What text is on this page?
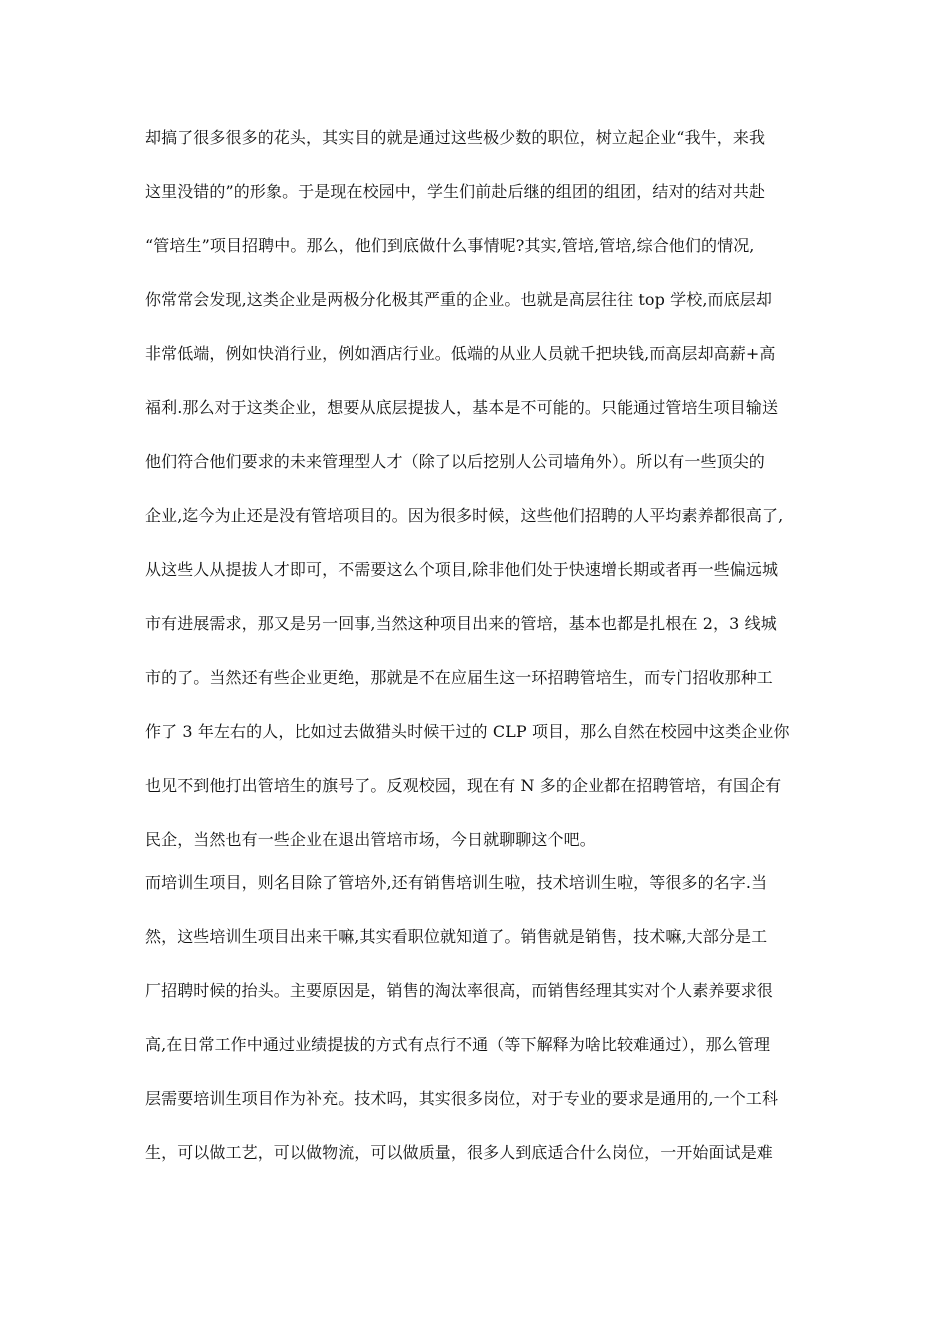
却搞了很多很多的花头，其实目的就是通过这些极少数的职位，树立起企业“我牛，来我
这里没错的”的形象。于是现在校园中，学生们前赴后继的组团的组团，结对的结对共赴
“管培生”项目招聘中。那么，他们到底做什么事情呢?其实,管培,管培,综合他们的情况,
你常常会发现,这类企业是两极分化极其严重的企业。也就是高层往往 top 学校,而底层却
非常低端，例如快消行业，例如酒店行业。低端的从业人员就千把块钱,而高层却高薪+高
福利.那么对于这类企业，想要从底层提拔人，基本是不可能的。只能通过管培生项目输送
他们符合他们要求的未来管理型人才（除了以后挖别人公司墙角外）。所以有一些顶尖的
企业,迄今为止还是没有管培项目的。因为很多时候，这些他们招聘的人平均素养都很高了,
从这些人从提拔人才即可，不需要这么个项目,除非他们处于快速增长期或者再一些偏远城
市有进展需求，那又是另一回事,当然这种项目出来的管培，基本也都是扎根在 2，3 线城
市的了。当然还有些企业更绝，那就是不在应届生这一环招聘管培生，而专门招收那种工
作了 3 年左右的人，比如过去做猎头时候干过的 CLP 项目，那么自然在校园中这类企业你
也见不到他打出管培生的旗号了。反观校园，现在有 N 多的企业都在招聘管培，有国企有
民企，当然也有一些企业在退出管培市场，今日就聊聊这个吧。
而培训生项目，则名目除了管培外,还有销售培训生啦，技术培训生啦，等很多的名字.当
然，这些培训生项目出来干嘛,其实看职位就知道了。销售就是销售，技术嘛,大部分是工
厂招聘时候的抬头。主要原因是，销售的淘汰率很高，而销售经理其实对个人素养要求很
高,在日常工作中通过业绩提拔的方式有点行不通（等下解释为啥比较难通过），那么管理
层需要培训生项目作为补充。技术吗，其实很多岗位，对于专业的要求是通用的,一个工科
生，可以做工艺，可以做物流，可以做质量，很多人到底适合什么岗位，一开始面试是难
